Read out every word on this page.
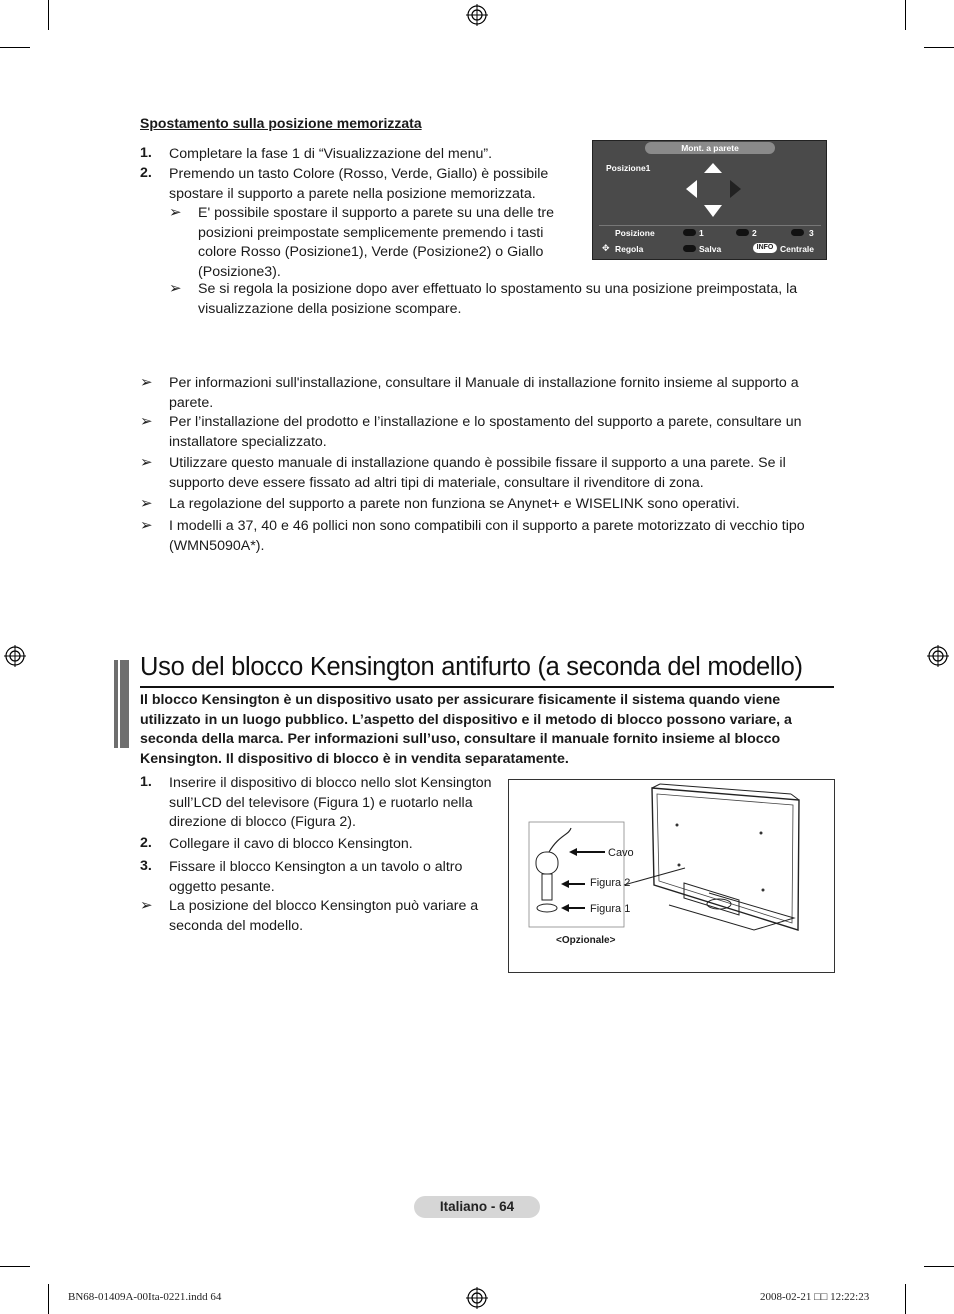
Spostamento sulla posizione memorizzata
1. Completare la fase 1 di “Visualizzazione del menu”.
2. Premendo un tasto Colore (Rosso, Verde, Giallo) è possibile
spostare il supporto a parete nella posizione memorizzata.
➢ E' possibile spostare il supporto a parete su una delle tre
posizioni preimpostate semplicemente premendo i tasti
colore Rosso (Posizione1), Verde (Posizione2) o Giallo
(Posizione3).
➢ Se si regola la posizione dopo aver effettuato lo spostamento su una posizione preimpostata, la
visualizzazione della posizione scompare.
Mont. a parete
Posizione1
Posizione	1	2	3
✥ Regola	Salva	INFO Centrale
➢ Per informazioni sull'installazione, consultare il Manuale di installazione fornito insieme al supporto a
parete.
➢ Per l’installazione del prodotto e l’installazione e lo spostamento del supporto a parete, consultare un
installatore specializzato.
➢ Utilizzare questo manuale di installazione quando è possibile fissare il supporto a una parete. Se il
supporto deve essere fissato ad altri tipi di materiale, consultare il rivenditore di zona.
➢ La regolazione del supporto a parete non funziona se Anynet+ e WISELINK sono operativi.
➢ I modelli a 37, 40 e 46 pollici non sono compatibili con il supporto a parete motorizzato di vecchio tipo
(WMN5090A*).
Uso del blocco Kensington antifurto (a seconda del modello)
Il blocco Kensington è un dispositivo usato per assicurare fisicamente il sistema quando viene
utilizzato in un luogo pubblico. L’aspetto del dispositivo e il metodo di blocco possono variare, a
seconda della marca. Per informazioni sull’uso, consultare il manuale fornito insieme al blocco
Kensington. Il dispositivo di blocco è in vendita separatamente.
1. Inserire il dispositivo di blocco nello slot Kensington
sull’LCD del televisore (Figura 1) e ruotarlo nella
direzione di blocco (Figura 2).
2. Collegare il cavo di blocco Kensington.
3. Fissare il blocco Kensington a un tavolo o altro
oggetto pesante.
➢ La posizione del blocco Kensington può variare a
seconda del modello.
Cavo
Figura 2
Figura 1
<Opzionale>
Italiano - 64
BN68-01409A-00Ita-0221.indd 64	2008-02-21 □□ 12:22:23
